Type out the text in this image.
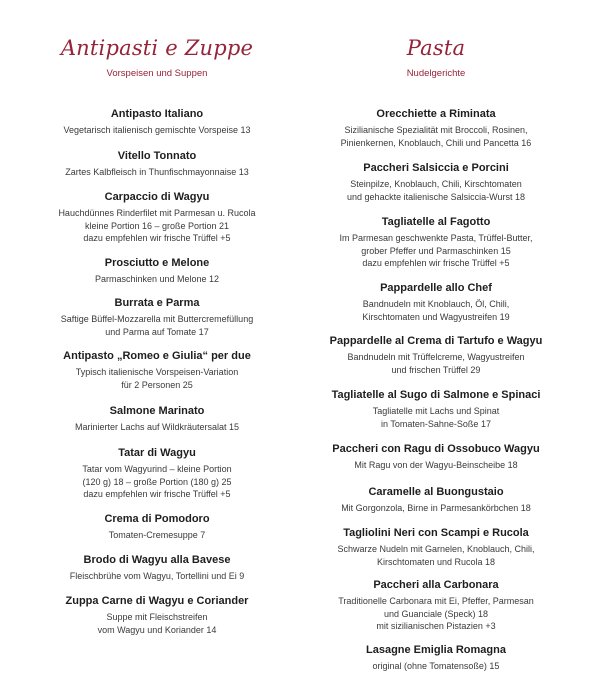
Antipasti e Zuppe
Vorspeisen und Suppen
Antipasto Italiano
Vegetarisch italienisch gemischte Vorspeise 13
Vitello Tonnato
Zartes Kalbfleisch in Thunfischmayonnaise 13
Carpaccio di Wagyu
Hauchdünnes Rinderfilet mit Parmesan u. Rucola
kleine Portion 16 – große Portion 21
dazu empfehlen wir frische Trüffel +5
Prosciutto e Melone
Parmaschinken und Melone 12
Burrata e Parma
Saftige Büffel-Mozzarella mit Buttercremefüllung
und Parma auf Tomate 17
Antipasto „Romeo e Giulia“ per due
Typisch italienische Vorspeisen-Variation
für 2 Personen 25
Salmone Marinato
Marinierter Lachs auf Wildkräutersalat 15
Tatar di Wagyu
Tatar vom Wagyurind – kleine Portion
(120 g) 18 – große Portion (180 g) 25
dazu empfehlen wir frische Trüffel +5
Crema di Pomodoro
Tomaten-Cremesuppe 7
Brodo di Wagyu alla Bavese
Fleischbrühe vom Wagyu, Tortellini und Ei 9
Zuppa Carne di Wagyu e Coriander
Suppe mit Fleischstreifen
vom Wagyu und Koriander 14
Pasta
Nudelgerichte
Orecchiette a Riminata
Sizilianische Spezialität mit Broccoli, Rosinen,
Pinienkernen, Knoblauch, Chili und Pancetta 16
Paccheri Salsiccia e Porcini
Steinpilze, Knoblauch, Chili, Kirschtomaten
und gehackte italienische Salsiccia-Wurst 18
Tagliatelle al Fagotto
Im Parmesan geschwenkte Pasta, Trüffel-Butter,
grober Pfeffer und Parmaschinken 15
dazu empfehlen wir frische Trüffel +5
Pappardelle allo Chef
Bandnudeln mit Knoblauch, Öl, Chili,
Kirschtomaten und Wagyustreifen 19
Pappardelle al Crema di Tartufo e Wagyu
Bandnudeln mit Trüffelcreme, Wagyustreifen
und frischen Trüffel 29
Tagliatelle al Sugo di Salmone e Spinaci
Tagliatelle mit Lachs und Spinat
in Tomaten-Sahne-Soße 17
Paccheri con Ragu di Ossobuco Wagyu
Mit Ragu von der Wagyu-Beinscheibe 18
Caramelle al Buongustaio
Mit Gorgonzola, Birne in Parmesankörbchen 18
Tagliolini Neri con Scampi e Rucola
Schwarze Nudeln mit Garnelen, Knoblauch, Chili,
Kirschtomaten und Rucola 18
Paccheri alla Carbonara
Traditionelle Carbonara mit Ei, Pfeffer, Parmesan
und Guanciale (Speck) 18
mit sizilianischen Pistazien +3
Lasagne Emiglia Romagna
original (ohne Tomatensoße) 15
